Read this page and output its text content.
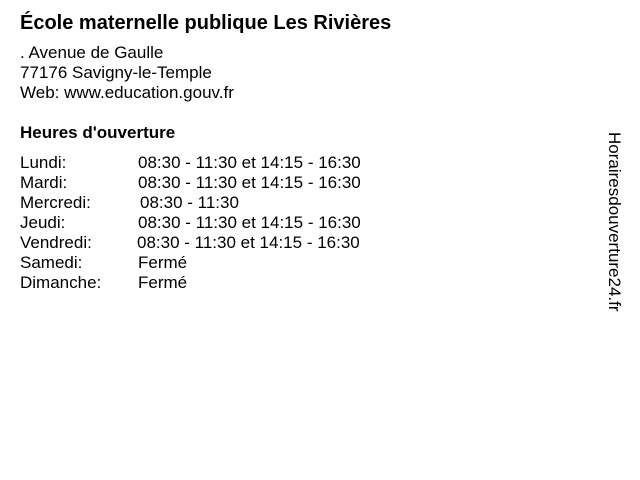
École maternelle publique Les Rivières
. Avenue de Gaulle
77176 Savigny-le-Temple
Web: www.education.gouv.fr
Heures d'ouverture
Lundi:	08:30 - 11:30 et 14:15 - 16:30
Mardi:	08:30 - 11:30 et 14:15 - 16:30
Mercredi:	08:30 - 11:30
Jeudi:	08:30 - 11:30 et 14:15 - 16:30
Vendredi:	08:30 - 11:30 et 14:15 - 16:30
Samedi:	Fermé
Dimanche: Fermé	Horairesdouverture24.fr
